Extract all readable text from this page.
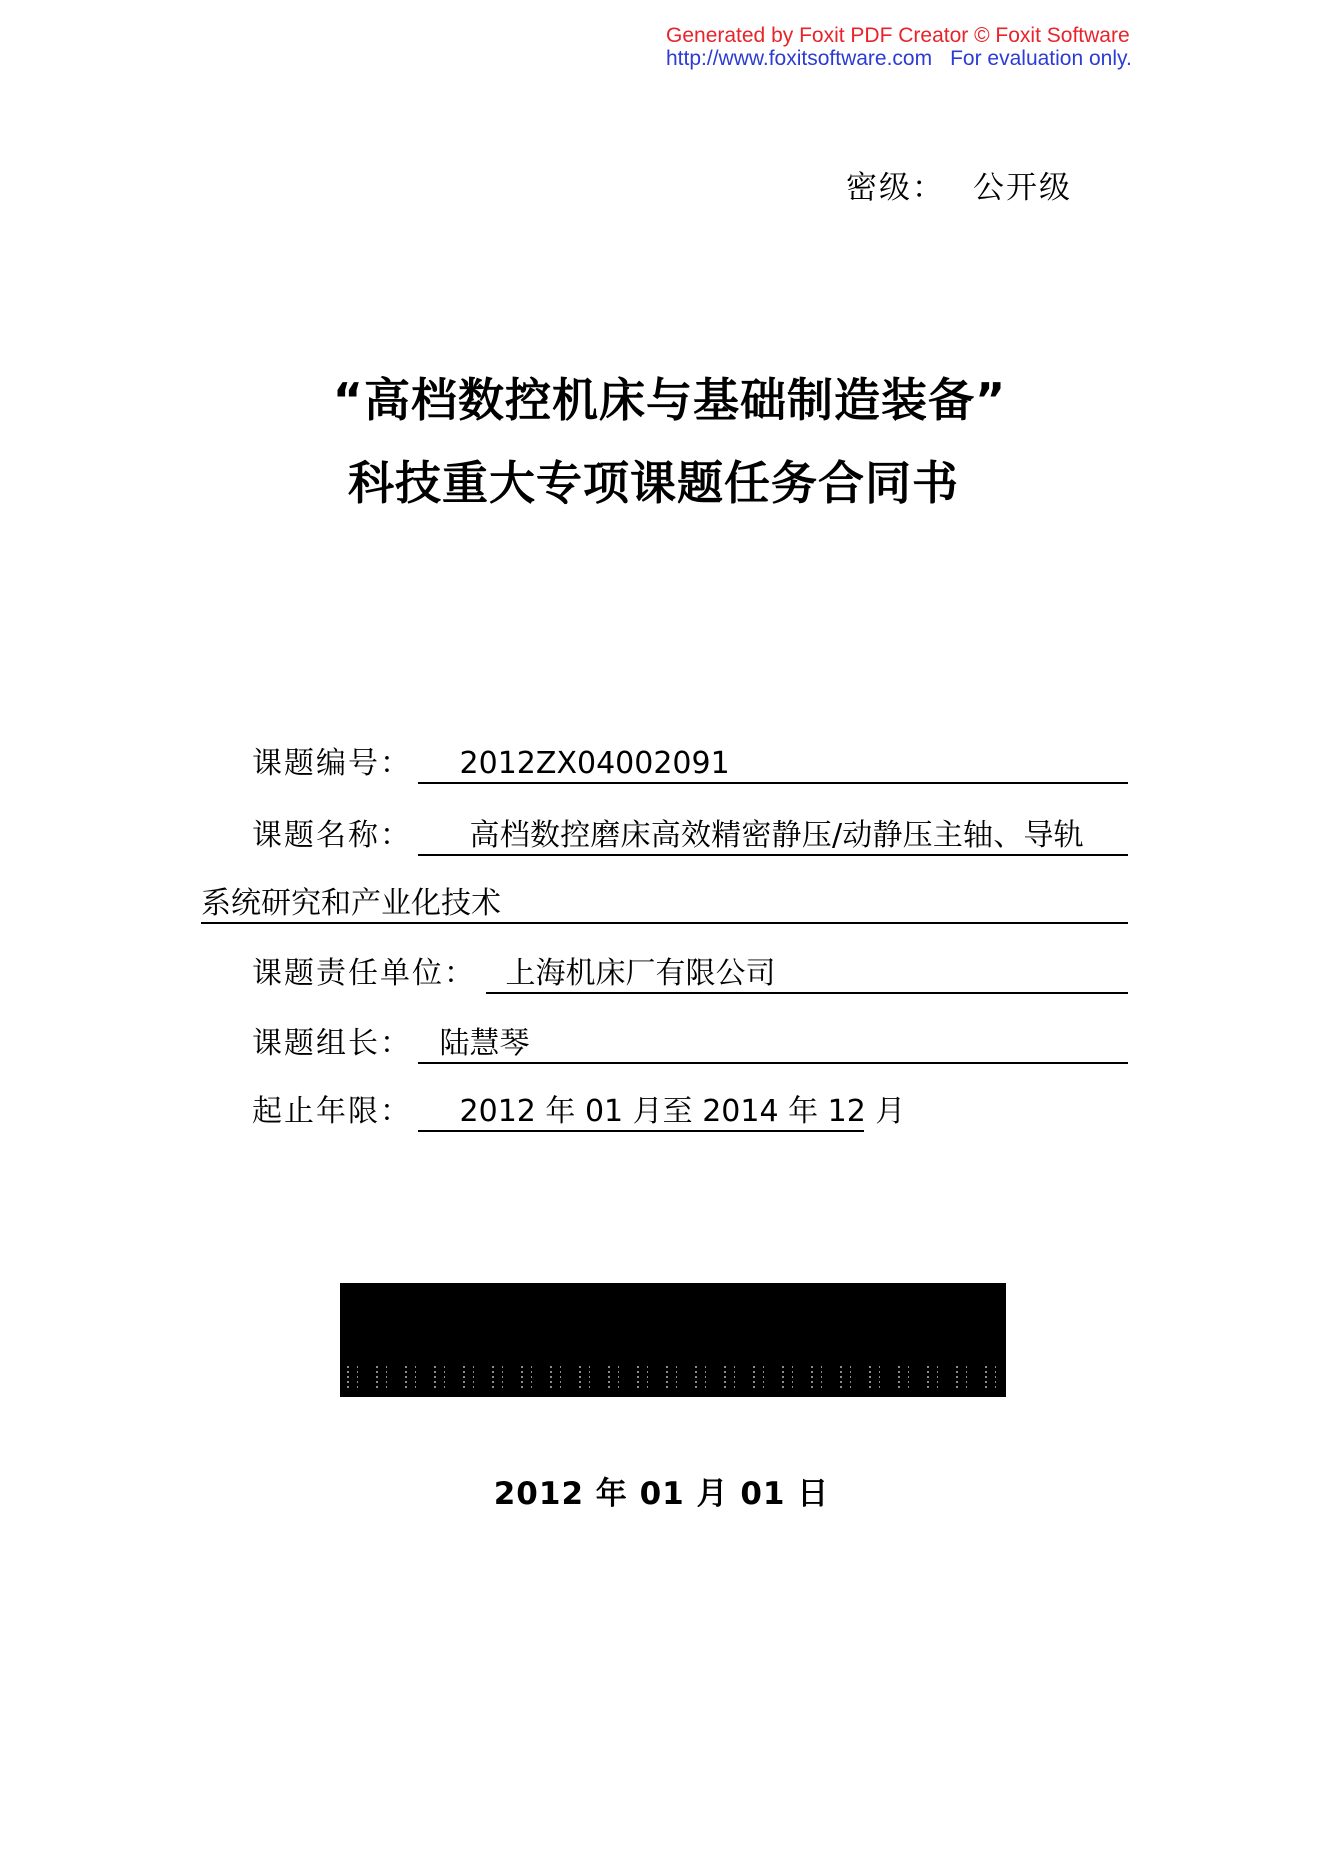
Generated by Foxit PDF Creator © Foxit Software
http://www.foxitsoftware.com For evaluation only.
密级： 公开级
“高档数控机床与基础制造装备”
科技重大专项课题任务合同书
课题编号： 2012ZX04002091
课题名称： 高档数控磨床高效精密静压/动静压主轴、导轨
系统研究和产业化技术
课题责任单位： 上海机床厂有限公司
课题组长： 陆慧琴
起止年限： 2012 年 01 月至 2014 年 12 月
2012 年 01 月 01 日
